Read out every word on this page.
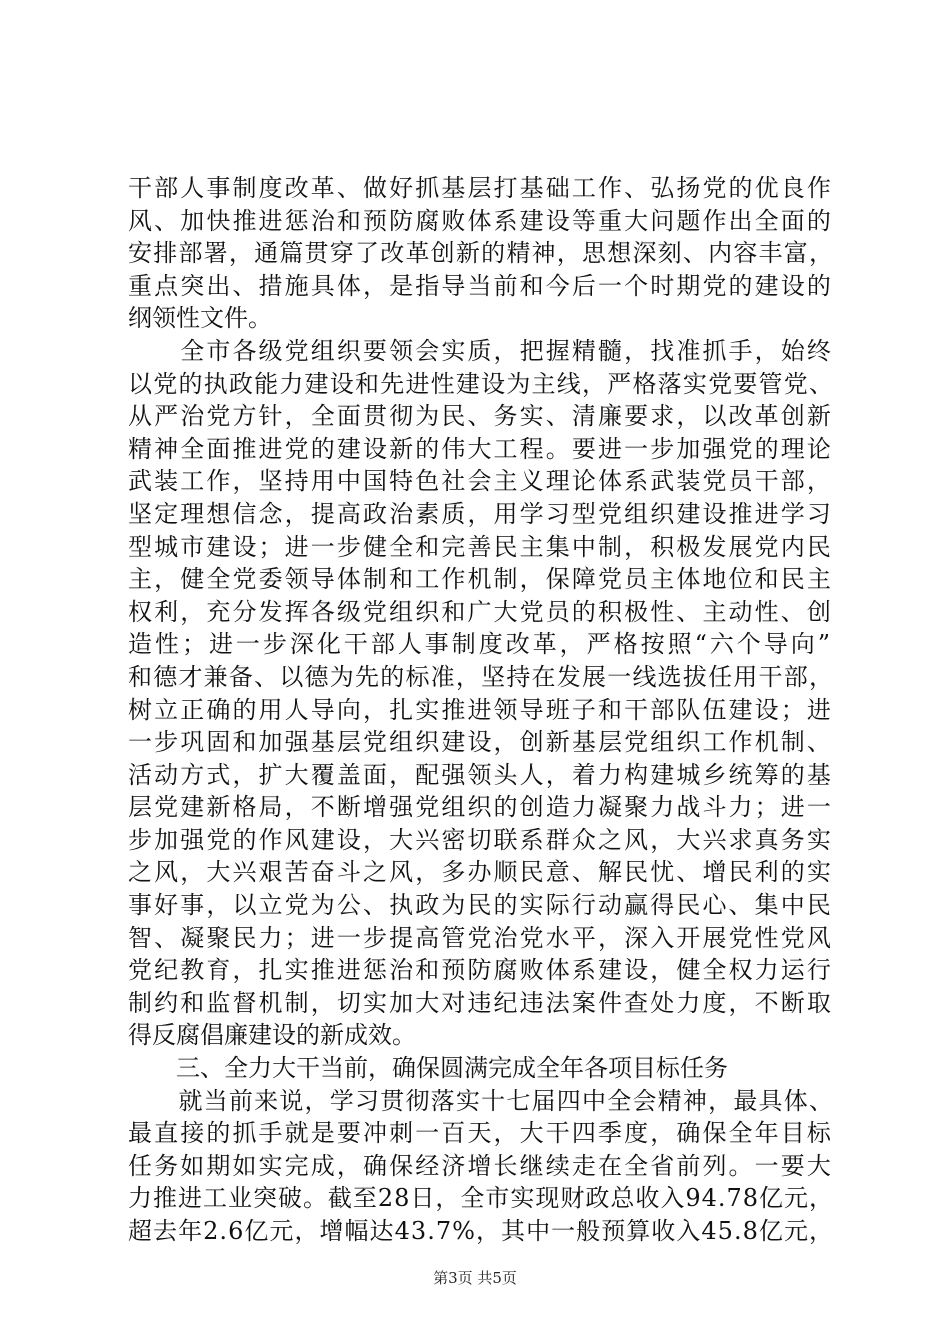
干部人事制度改革、做好抓基层打基础工作、弘扬党的优良作
风、加快推进惩治和预防腐败体系建设等重大问题作出全面的
安排部署，通篇贯穿了改革创新的精神，思想深刻、内容丰富，
重点突出、措施具体，是指导当前和今后一个时期党的建设的
纲领性文件。
　　全市各级党组织要领会实质，把握精髓，找准抓手，始终
以党的执政能力建设和先进性建设为主线，严格落实党要管党、
从严治党方针，全面贯彻为民、务实、清廉要求，以改革创新
精神全面推进党的建设新的伟大工程。要进一步加强党的理论
武装工作，坚持用中国特色社会主义理论体系武装党员干部，
坚定理想信念，提高政治素质，用学习型党组织建设推进学习
型城市建设；进一步健全和完善民主集中制，积极发展党内民
主，健全党委领导体制和工作机制，保障党员主体地位和民主
权利，充分发挥各级党组织和广大党员的积极性、主动性、创
造性；进一步深化干部人事制度改革，严格按照“六个导向”
和德才兼备、以德为先的标准，坚持在发展一线选拔任用干部，
树立正确的用人导向，扎实推进领导班子和干部队伍建设；进
一步巩固和加强基层党组织建设，创新基层党组织工作机制、
活动方式，扩大覆盖面，配强领头人，着力构建城乡统筹的基
层党建新格局，不断增强党组织的创造力凝聚力战斗力；进一
步加强党的作风建设，大兴密切联系群众之风，大兴求真务实
之风，大兴艰苦奋斗之风，多办顺民意、解民忧、增民利的实
事好事，以立党为公、执政为民的实际行动赢得民心、集中民
智、凝聚民力；进一步提高管党治党水平，深入开展党性党风
党纪教育，扎实推进惩治和预防腐败体系建设，健全权力运行
制约和监督机制，切实加大对违纪违法案件查处力度，不断取
得反腐倡廉建设的新成效。
　　三、全力大干当前，确保圆满完成全年各项目标任务
　　就当前来说，学习贯彻落实十七届四中全会精神，最具体、
最直接的抓手就是要冲刺一百天，大干四季度，确保全年目标
任务如期如实完成，确保经济增长继续走在全省前列。一要大
力推进工业突破。截至28日，全市实现财政总收入94.78亿元，
超去年2.6亿元，增幅达43.7%，其中一般预算收入45.8亿元，
第3页 共5页
